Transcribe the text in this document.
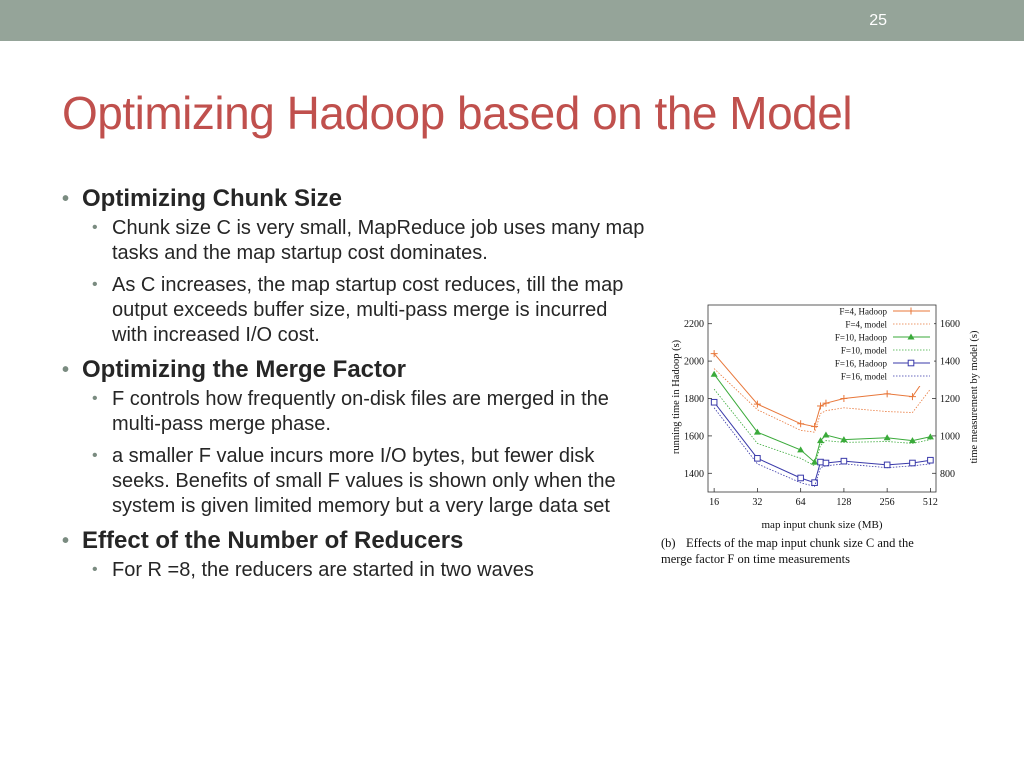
25
Optimizing Hadoop based on the Model
• Optimizing Chunk Size
• Chunk size C is very small, MapReduce job uses many map tasks and the map startup cost dominates.
• As C increases, the map startup cost reduces, till the map output exceeds buffer size, multi-pass merge is incurred with increased I/O cost.
• Optimizing the Merge Factor
• F controls how frequently on-disk files are merged in the multi-pass merge phase.
• a smaller F value incurs more I/O bytes, but fewer disk seeks. Benefits of small F values is shown only when the system is given limited memory but a very large data set
• Effect of the Number of Reducers
• For R =8, the reducers are started in two waves
16	32	64	128	256	512
1400
1600
1800
2000
2200
800
1000
1200
1400
1600
F=4, Hadoop
F=4, model
F=10, Hadoop
F=10, model
F=16, Hadoop
F=16, model
running time in Hadoop (s)	time measurement by model (s)
map input chunk size (MB)
(b) Effects of the map input chunk size C and the
merge factor F on time measurements
